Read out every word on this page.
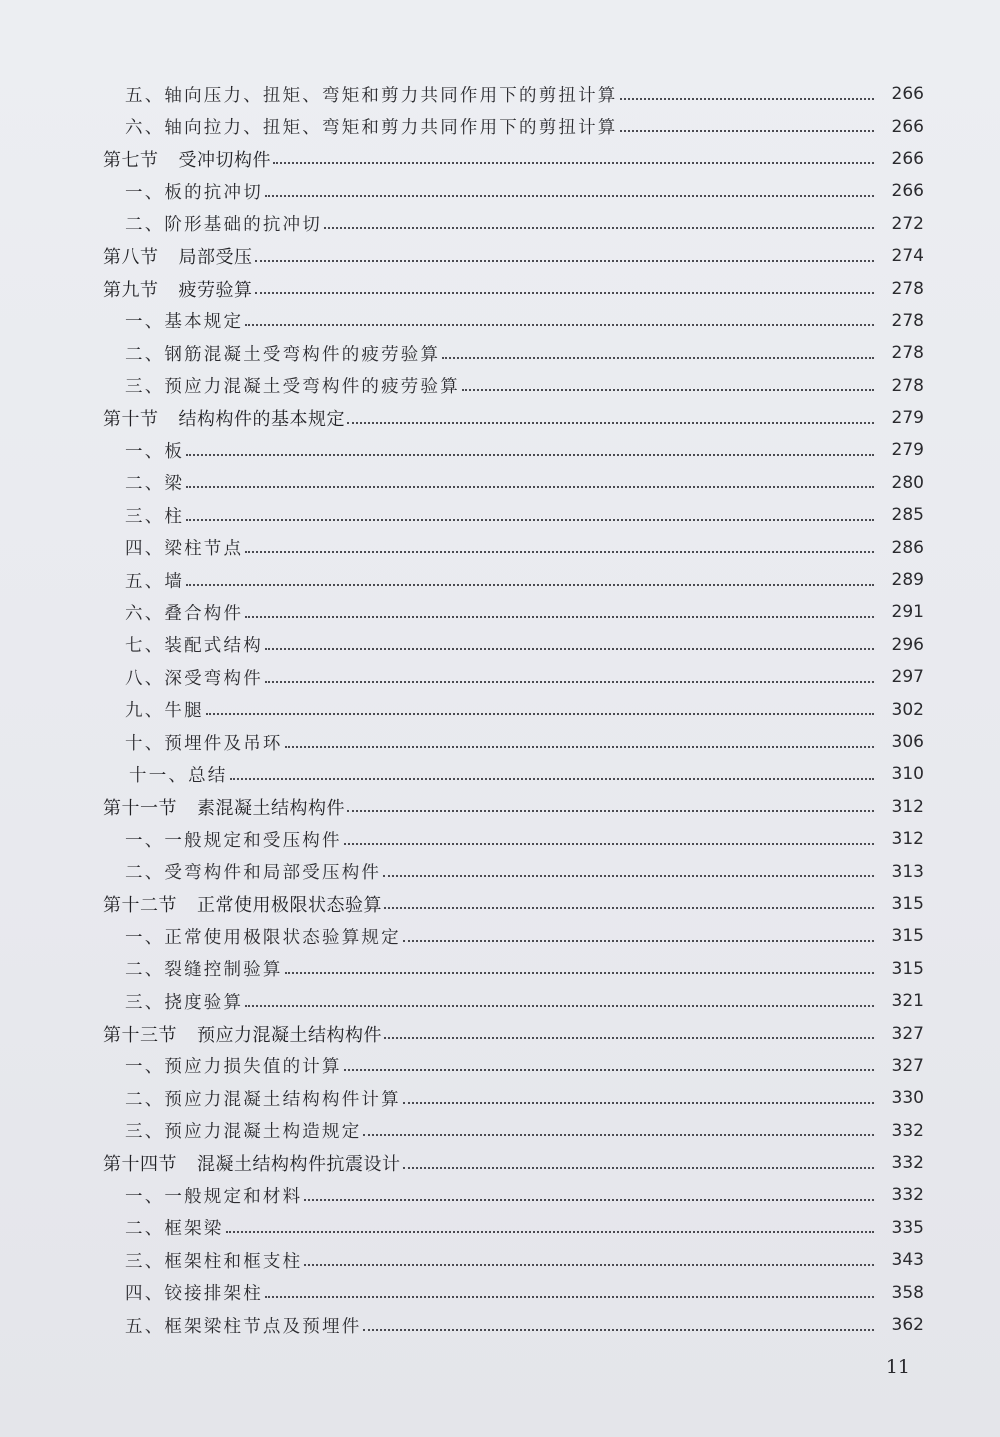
五、轴向压力、扭矩、弯矩和剪力共同作用下的剪扭计算	266
六、轴向拉力、扭矩、弯矩和剪力共同作用下的剪扭计算	266
第七节 受冲切构件	266
一、板的抗冲切	266
二、阶形基础的抗冲切	272
第八节 局部受压	274
第九节 疲劳验算	278
一、基本规定	278
二、钢筋混凝土受弯构件的疲劳验算	278
三、预应力混凝土受弯构件的疲劳验算	278
第十节 结构构件的基本规定	279
一、板	279
二、梁	280
三、柱	285
四、梁柱节点	286
五、墙	289
六、叠合构件	291
七、装配式结构	296
八、深受弯构件	297
九、牛腿	302
十、预埋件及吊环	306
十一、总结	310
第十一节 素混凝土结构构件	312
一、一般规定和受压构件	312
二、受弯构件和局部受压构件	313
第十二节 正常使用极限状态验算	315
一、正常使用极限状态验算规定	315
二、裂缝控制验算	315
三、挠度验算	321
第十三节 预应力混凝土结构构件	327
一、预应力损失值的计算	327
二、预应力混凝土结构构件计算	330
三、预应力混凝土构造规定	332
第十四节 混凝土结构构件抗震设计	332
一、一般规定和材料	332
二、框架梁	335
三、框架柱和框支柱	343
四、铰接排架柱	358
五、框架梁柱节点及预埋件	362
11
